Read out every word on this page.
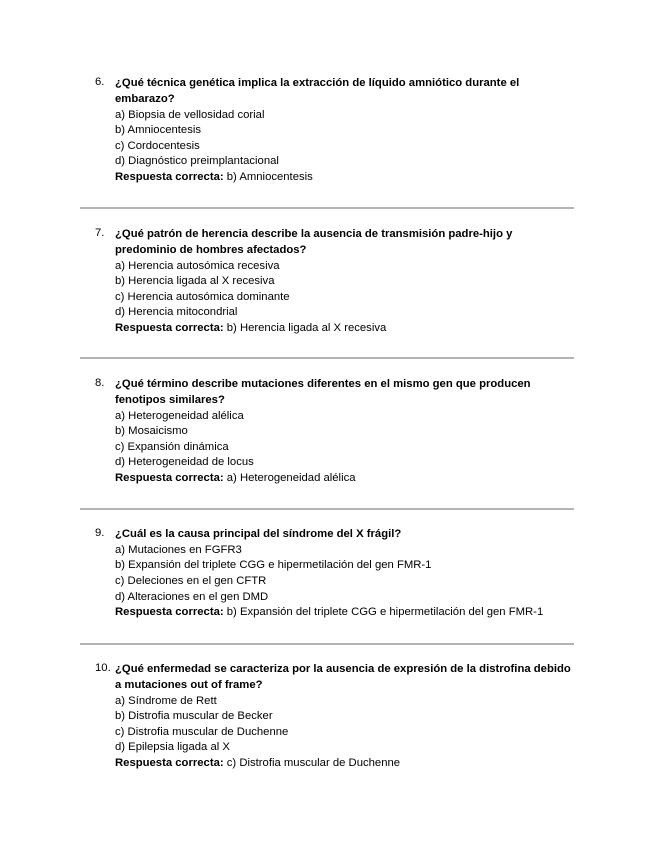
6. ¿Qué técnica genética implica la extracción de líquido amniótico durante el embarazo?
a) Biopsia de vellosidad corial
b) Amniocentesis
c) Cordocentesis
d) Diagnóstico preimplantacional
Respuesta correcta: b) Amniocentesis
7. ¿Qué patrón de herencia describe la ausencia de transmisión padre-hijo y predominio de hombres afectados?
a) Herencia autosómica recesiva
b) Herencia ligada al X recesiva
c) Herencia autosómica dominante
d) Herencia mitocondrial
Respuesta correcta: b) Herencia ligada al X recesiva
8. ¿Qué término describe mutaciones diferentes en el mismo gen que producen fenotipos similares?
a) Heterogeneidad alélica
b) Mosaicismo
c) Expansión dinámica
d) Heterogeneidad de locus
Respuesta correcta: a) Heterogeneidad alélica
9. ¿Cuál es la causa principal del síndrome del X frágil?
a) Mutaciones en FGFR3
b) Expansión del triplete CGG e hipermetilación del gen FMR-1
c) Deleciones en el gen CFTR
d) Alteraciones en el gen DMD
Respuesta correcta: b) Expansión del triplete CGG e hipermetilación del gen FMR-1
10. ¿Qué enfermedad se caracteriza por la ausencia de expresión de la distrofina debido a mutaciones out of frame?
a) Síndrome de Rett
b) Distrofia muscular de Becker
c) Distrofia muscular de Duchenne
d) Epilepsia ligada al X
Respuesta correcta: c) Distrofia muscular de Duchenne
